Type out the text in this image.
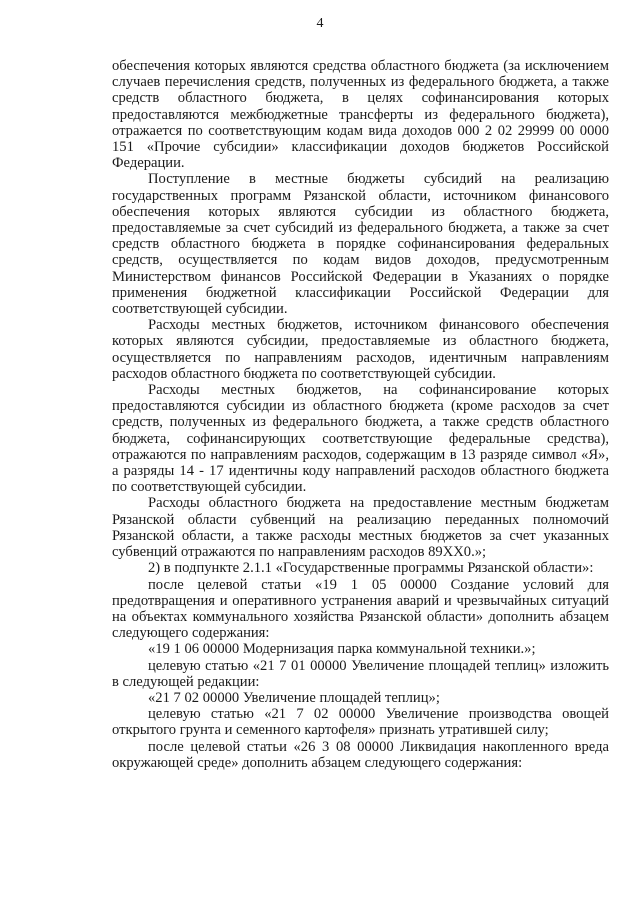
4

обеспечения которых являются средства областного бюджета (за исключением случаев перечисления средств, полученных из федерального бюджета, а также средств областного бюджета, в целях софинансирования которых предоставляются межбюджетные трансферты из федерального бюджета), отражается по соответствующим кодам вида доходов 000 2 02 29999 00 0000 151 «Прочие субсидии» классификации доходов бюджетов Российской Федерации.

Поступление в местные бюджеты субсидий на реализацию государственных программ Рязанской области, источником финансового обеспечения которых являются субсидии из областного бюджета, предоставляемые за счет субсидий из федерального бюджета, а также за счет средств областного бюджета в порядке софинансирования федеральных средств, осуществляется по кодам видов доходов, предусмотренным Министерством финансов Российской Федерации в Указаниях о порядке применения бюджетной классификации Российской Федерации для соответствующей субсидии.

Расходы местных бюджетов, источником финансового обеспечения которых являются субсидии, предоставляемые из областного бюджета, осуществляется по направлениям расходов, идентичным направлениям расходов областного бюджета по соответствующей субсидии.

Расходы местных бюджетов, на софинансирование которых предоставляются субсидии из областного бюджета (кроме расходов за счет средств, полученных из федерального бюджета, а также средств областного бюджета, софинансирующих соответствующие федеральные средства), отражаются по направлениям расходов, содержащим в 13 разряде символ «Я», а разряды 14 - 17 идентичны коду направлений расходов областного бюджета по соответствующей субсидии.

Расходы областного бюджета на предоставление местным бюджетам Рязанской области субвенций на реализацию переданных полномочий Рязанской области, а также расходы местных бюджетов за счет указанных субвенций отражаются по направлениям расходов 89ХХ0.»;

2) в подпункте 2.1.1 «Государственные программы Рязанской области»:

после целевой статьи «19 1 05 00000 Создание условий для предотвращения и оперативного устранения аварий и чрезвычайных ситуаций на объектах коммунального хозяйства Рязанской области» дополнить абзацем следующего содержания:

«19 1 06 00000 Модернизация парка коммунальной техники.»;

целевую статью «21 7 01 00000 Увеличение площадей теплиц» изложить в следующей редакции:

«21 7 02 00000 Увеличение площадей теплиц»;

целевую статью «21 7 02 00000 Увеличение производства овощей открытого грунта и семенного картофеля» признать утратившей силу;

после целевой статьи «26 3 08 00000 Ликвидация накопленного вреда окружающей среде» дополнить абзацем следующего содержания:
